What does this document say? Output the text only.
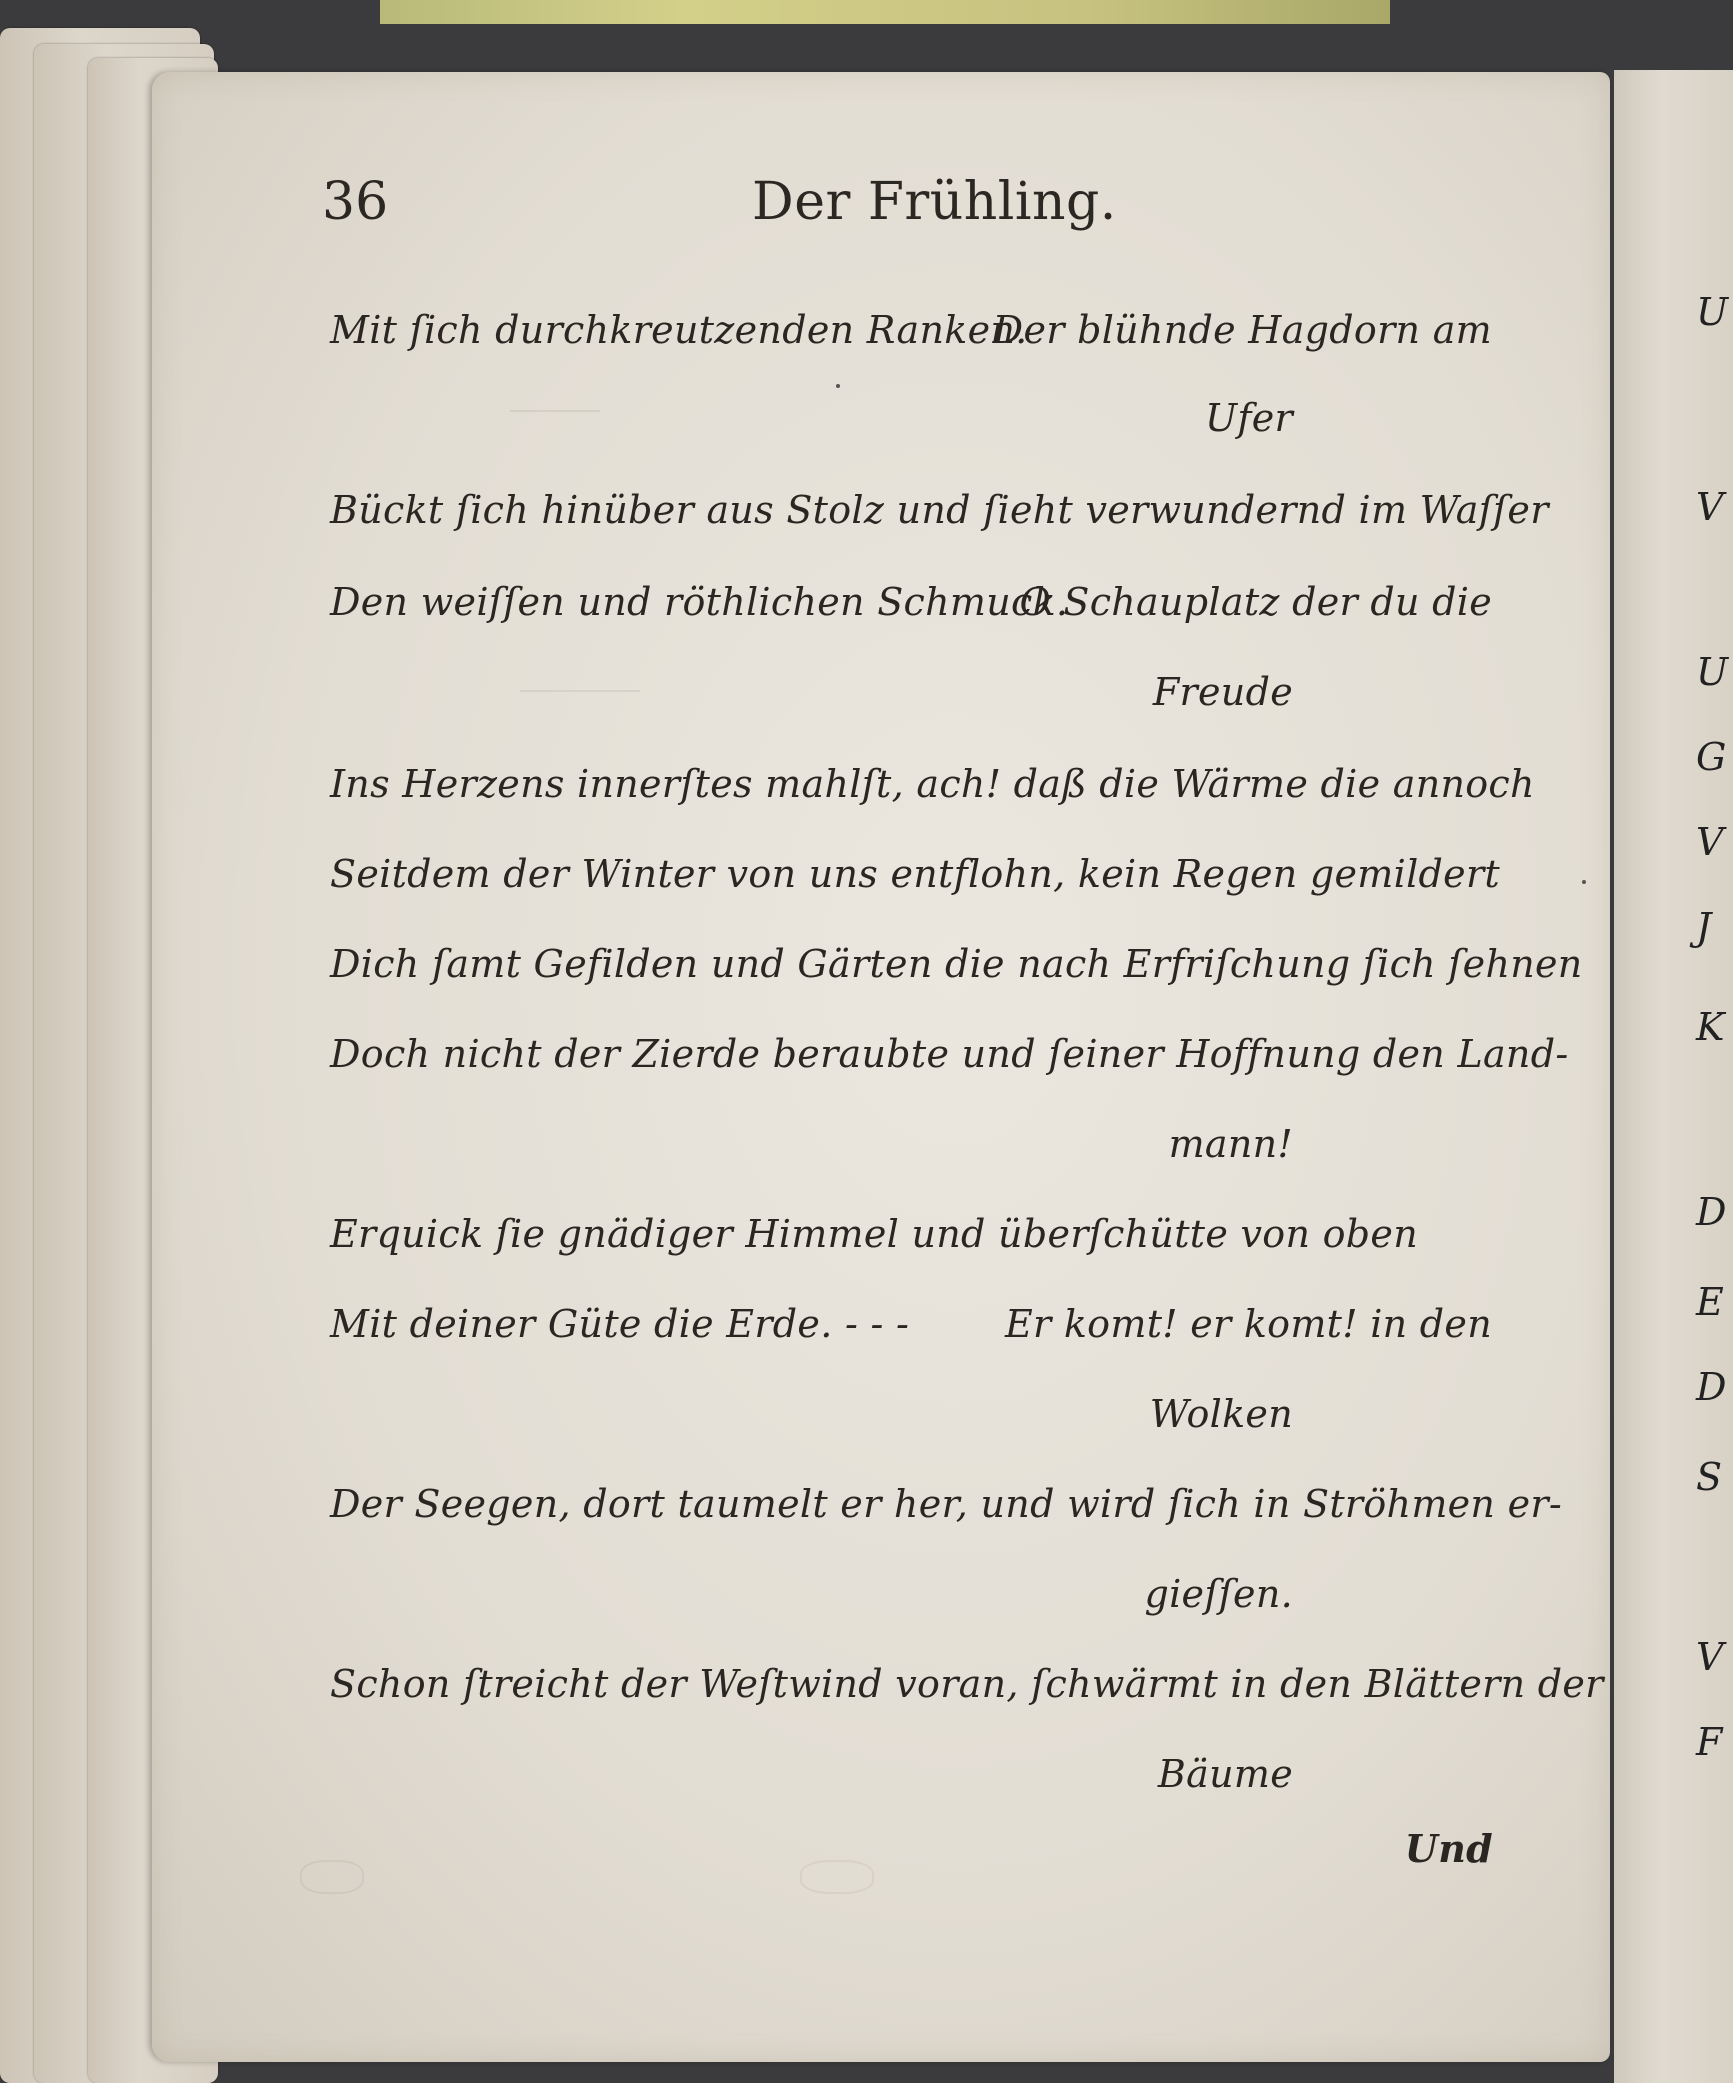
U
V
U
G
V
J
K
D
E
D
S
V
F
36	Der Frühling.

Mit ſich durchkreutzenden Ranken.
Der blühnde Hagdorn am

Ufer

Bückt ſich hinüber aus Stolz und ſieht verwundernd im Waſſer

Den weiſſen und röthlichen Schmuck.
O Schauplatz der du die

Freude

Ins Herzens innerſtes mahlſt, ach! daß die Wärme die annoch

Seitdem der Winter von uns entflohn, kein Regen gemildert

Dich ſamt Gefilden und Gärten die nach Erfriſchung ſich ſehnen

Doch nicht der Zierde beraubte und ſeiner Hoffnung den Land-

mann!

Erquick ſie gnädiger Himmel und überſchütte von oben

Mit deiner Güte die Erde. - - -	Er komt! er komt! in den

Wolken

Der Seegen, dort taumelt er her, und wird ſich in Ströhmen er-

gieſſen.

Schon ſtreicht der Weſtwind voran, ſchwärmt in den Blättern der

Bäume

Und
